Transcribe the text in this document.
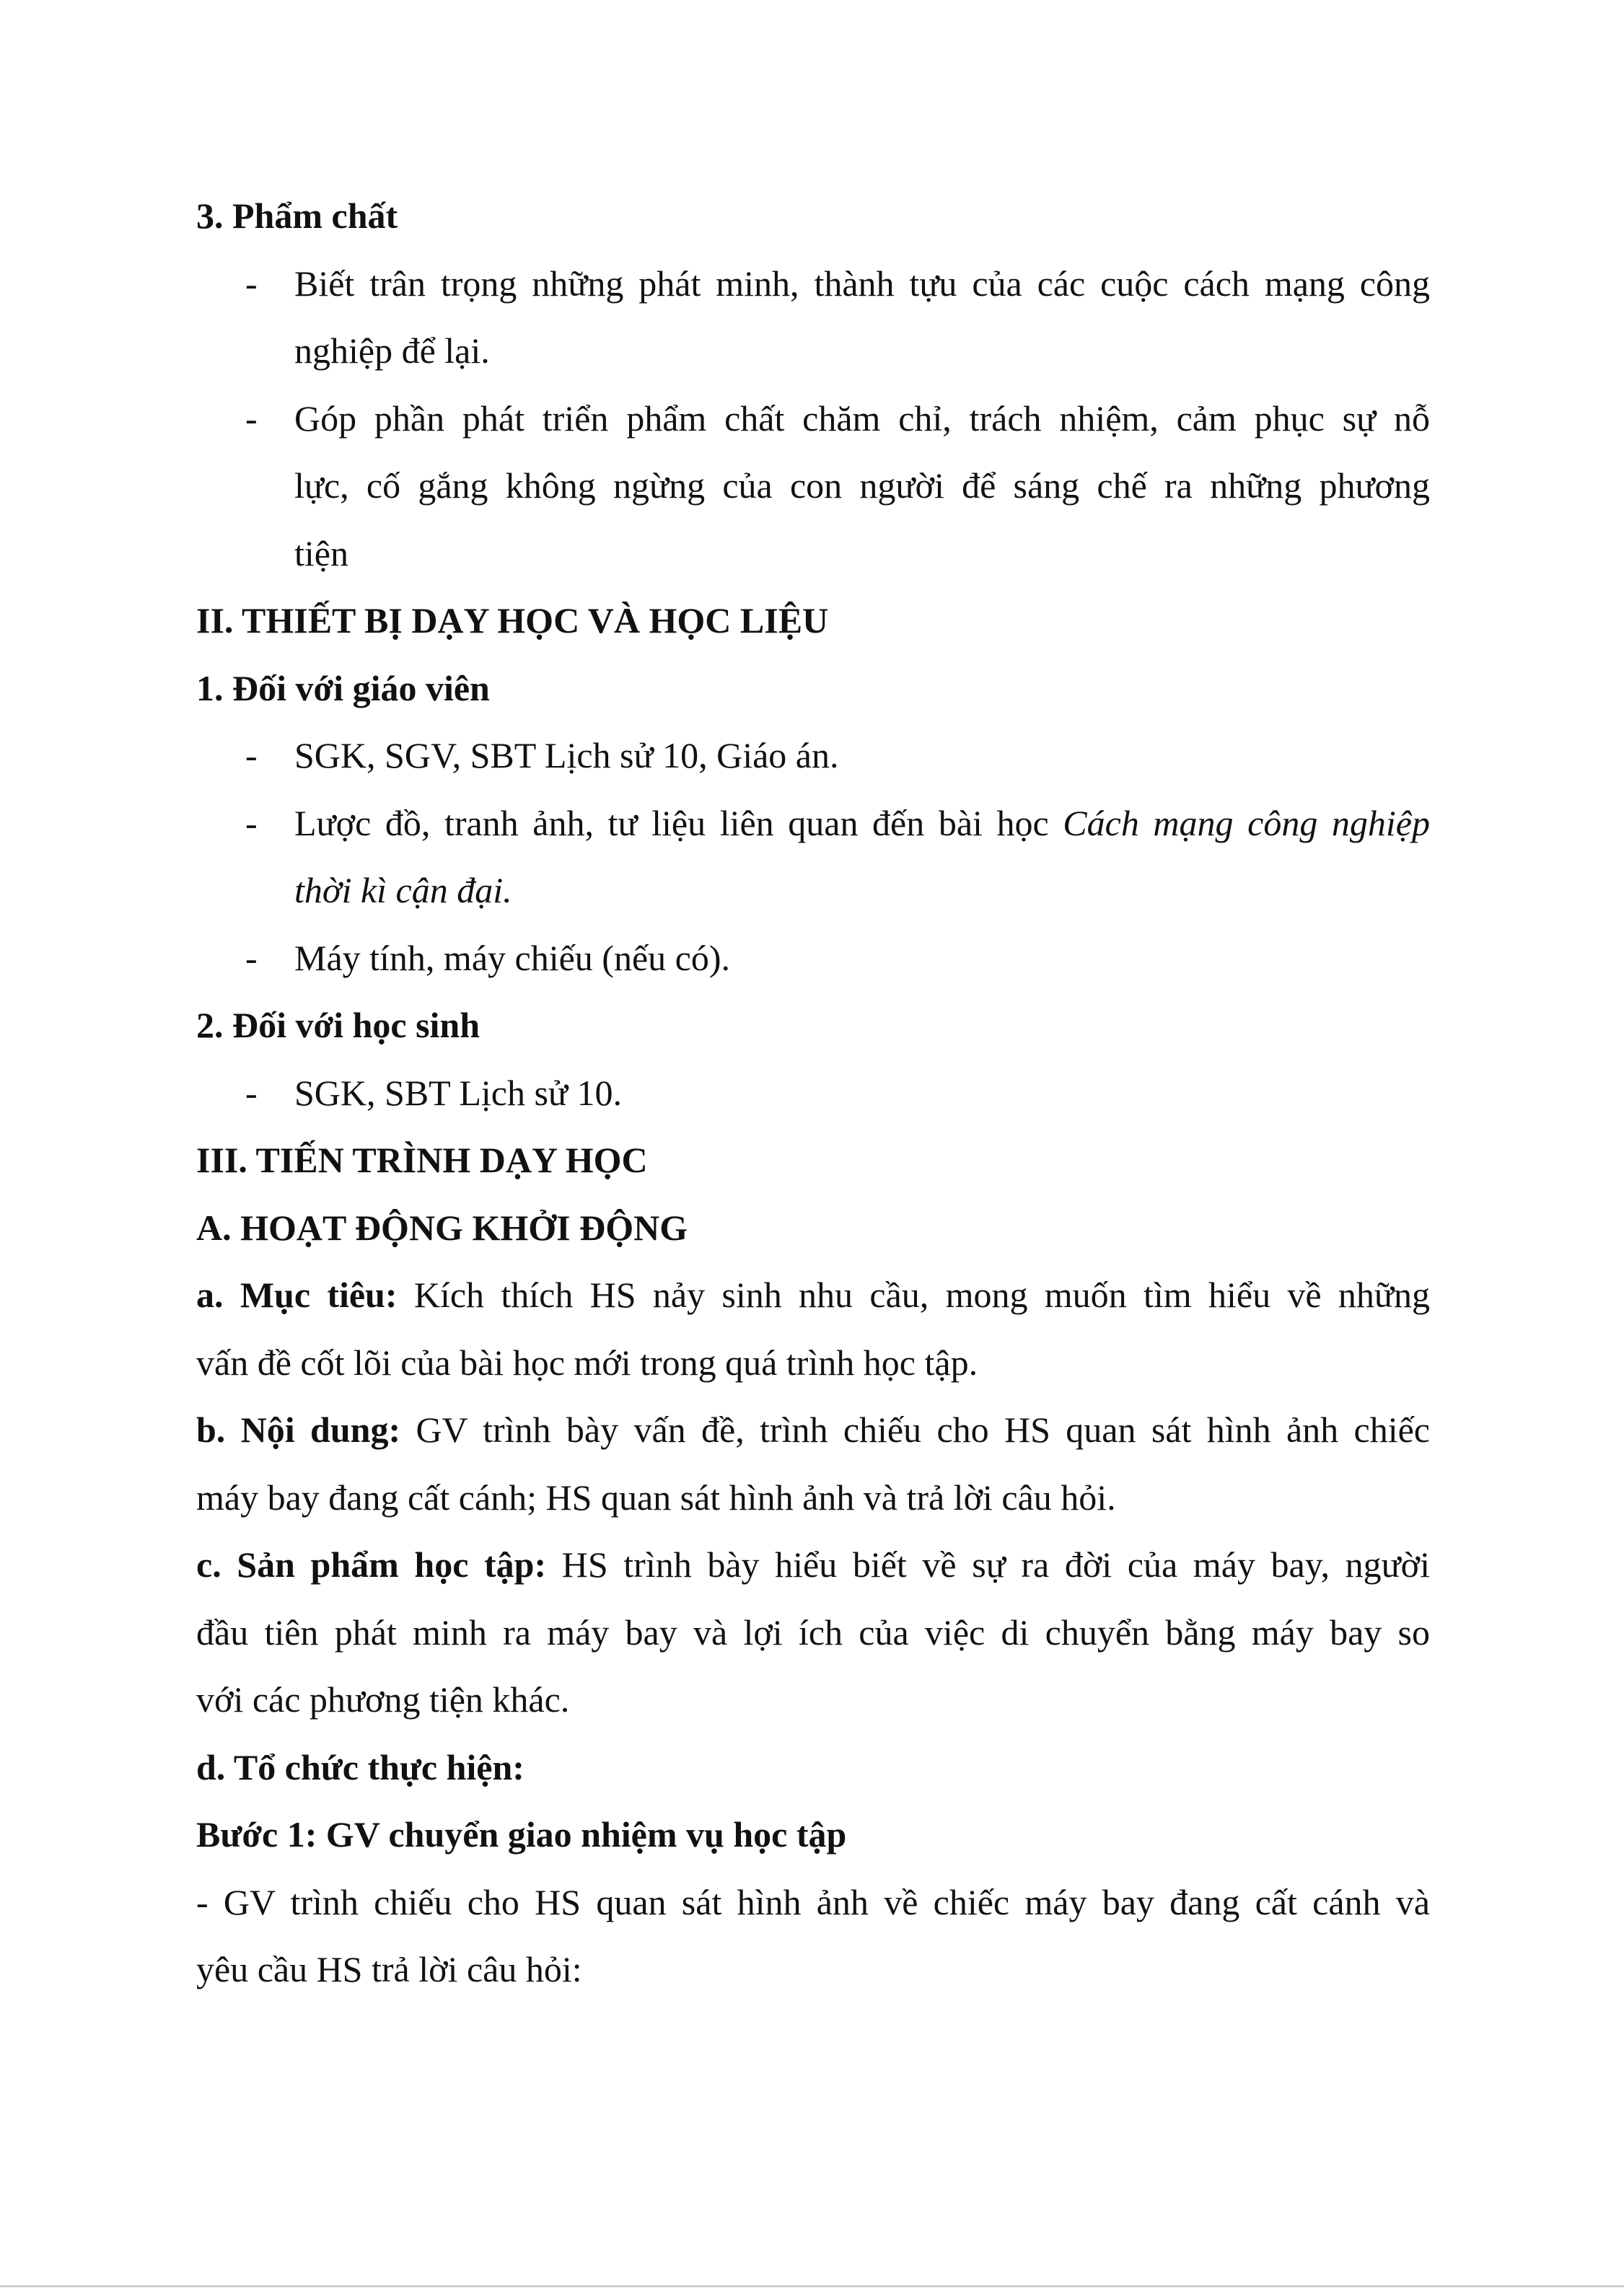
3. Phẩm chất
- Biết trân trọng những phát minh, thành tựu của các cuộc cách mạng công
nghiệp để lại.
- Góp phần phát triển phẩm chất chăm chỉ, trách nhiệm, cảm phục sự nỗ
lực, cố gắng không ngừng của con người để sáng chế ra những phương
tiện
II. THIẾT BỊ DẠY HỌC VÀ HỌC LIỆU
1. Đối với giáo viên
- SGK, SGV, SBT Lịch sử 10, Giáo án.
- Lược đồ, tranh ảnh, tư liệu liên quan đến bài học Cách mạng công nghiệp
thời kì cận đại.
- Máy tính, máy chiếu (nếu có).
2. Đối với học sinh
- SGK, SBT Lịch sử 10.
III. TIẾN TRÌNH DẠY HỌC
A. HOẠT ĐỘNG KHỞI ĐỘNG
a. Mục tiêu: Kích thích HS nảy sinh nhu cầu, mong muốn tìm hiểu về những
vấn đề cốt lõi của bài học mới trong quá trình học tập.
b. Nội dung: GV trình bày vấn đề, trình chiếu cho HS quan sát hình ảnh chiếc
máy bay đang cất cánh; HS quan sát hình ảnh và trả lời câu hỏi.
c. Sản phẩm học tập: HS trình bày hiểu biết về sự ra đời của máy bay, người
đầu tiên phát minh ra máy bay và lợi ích của việc di chuyển bằng máy bay so
với các phương tiện khác.
d. Tổ chức thực hiện:
Bước 1: GV chuyển giao nhiệm vụ học tập
- GV trình chiếu cho HS quan sát hình ảnh về chiếc máy bay đang cất cánh và
yêu cầu HS trả lời câu hỏi:
